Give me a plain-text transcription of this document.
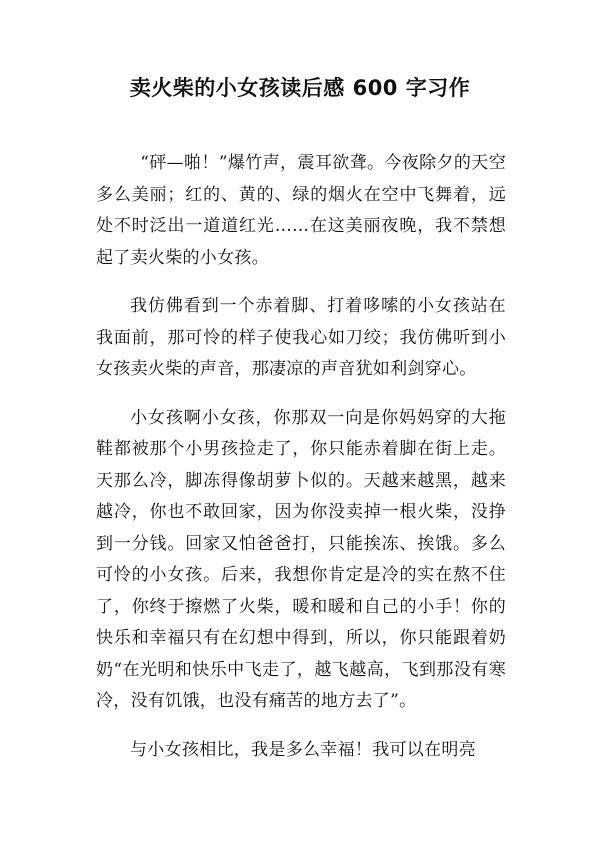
卖火柴的小女孩读后感 600 字习作

“砰—啪！”爆竹声，震耳欲聋。今夜除夕的天空多么美丽；红的、黄的、绿的烟火在空中飞舞着，远处不时泛出一道道红光……在这美丽夜晚，我不禁想起了卖火柴的小女孩。

我仿佛看到一个赤着脚、打着哆嗦的小女孩站在我面前，那可怜的样子使我心如刀绞；我仿佛听到小女孩卖火柴的声音，那凄凉的声音犹如利剑穿心。

小女孩啊小女孩，你那双一向是你妈妈穿的大拖鞋都被那个小男孩捡走了，你只能赤着脚在街上走。天那么冷，脚冻得像胡萝卜似的。天越来越黑，越来越冷，你也不敢回家，因为你没卖掉一根火柴，没挣到一分钱。回家又怕爸爸打，只能挨冻、挨饿。多么可怜的小女孩。后来，我想你肯定是冷的实在熬不住了，你终于擦燃了火柴，暖和暖和自己的小手！你的快乐和幸福只有在幻想中得到，所以，你只能跟着奶奶“在光明和快乐中飞走了，越飞越高，飞到那没有寒冷，没有饥饿，也没有痛苦的地方去了”。

与小女孩相比，我是多么幸福！我可以在明亮
